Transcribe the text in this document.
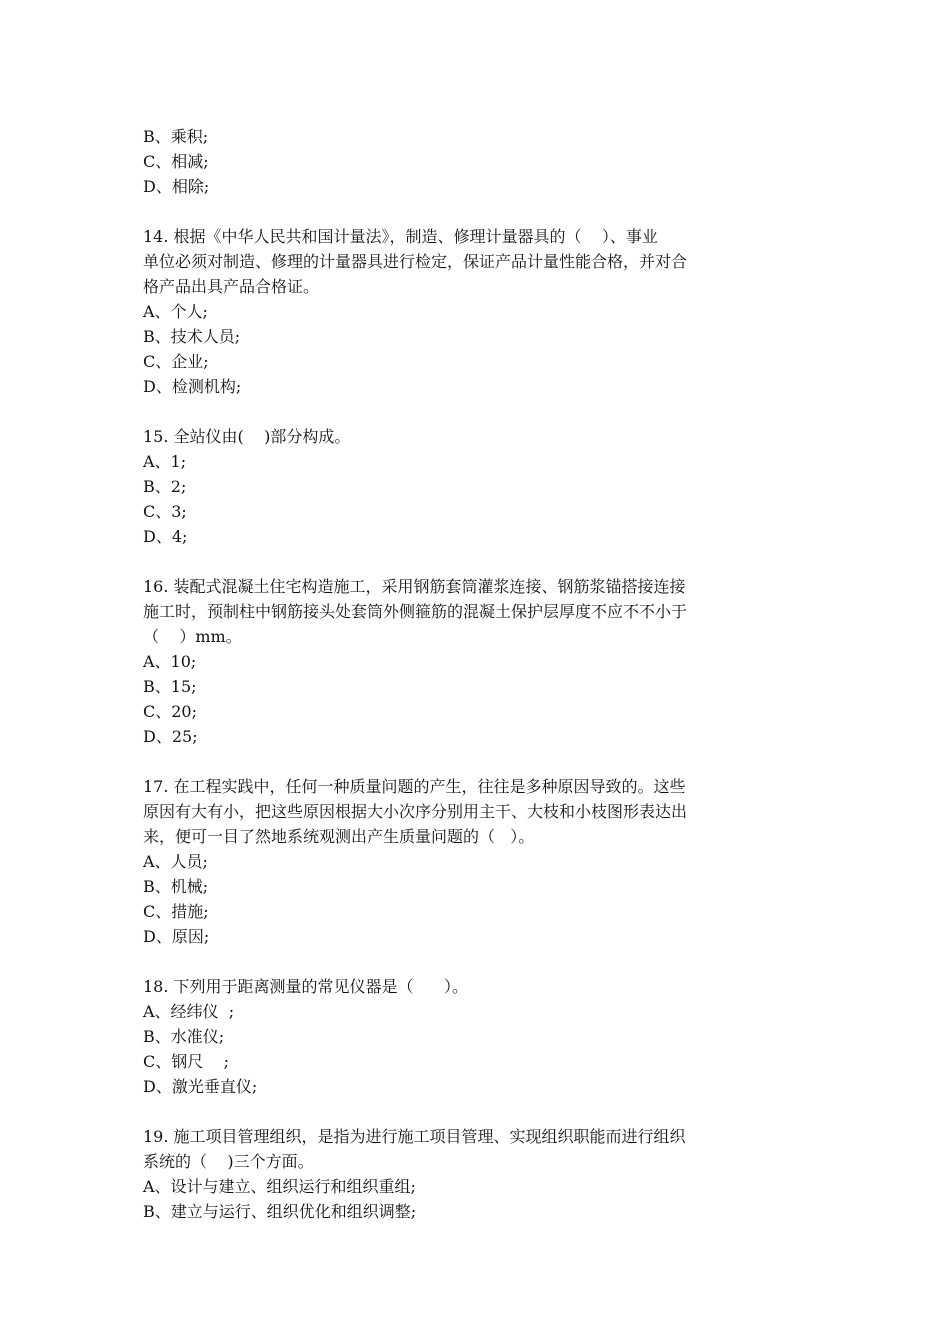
B、乘积;
C、相减;
D、相除;
14. 根据《中华人民共和国计量法》，制造、修理计量器具的（    ）、事业
单位必须对制造、修理的计量器具进行检定，保证产品计量性能合格，并对合
格产品出具产品合格证。
A、个人;
B、技术人员;
C、企业;
D、检测机构;
15. 全站仪由(    )部分构成。
A、1;
B、2;
C、3;
D、4;
16. 装配式混凝土住宅构造施工，采用钢筋套筒灌浆连接、钢筋浆锚搭接连接
施工时，预制柱中钢筋接头处套筒外侧箍筋的混凝土保护层厚度不应不不小于
（    ）mm。
A、10;
B、15;
C、20;
D、25;
17. 在工程实践中，任何一种质量问题的产生，往往是多种原因导致的。这些
原因有大有小，把这些原因根据大小次序分别用主干、大枝和小枝图形表达出
来，便可一目了然地系统观测出产生质量问题的（   ）。
A、人员;
B、机械;
C、措施;
D、原因;
18. 下列用于距离测量的常见仪器是（      ）。
A、经纬仪  ;
B、水准仪;
C、钢尺    ;
D、激光垂直仪;
19. 施工项目管理组织，是指为进行施工项目管理、实现组织职能而进行组织
系统的（    )三个方面。
A、设计与建立、组织运行和组织重组;
B、建立与运行、组织优化和组织调整;
